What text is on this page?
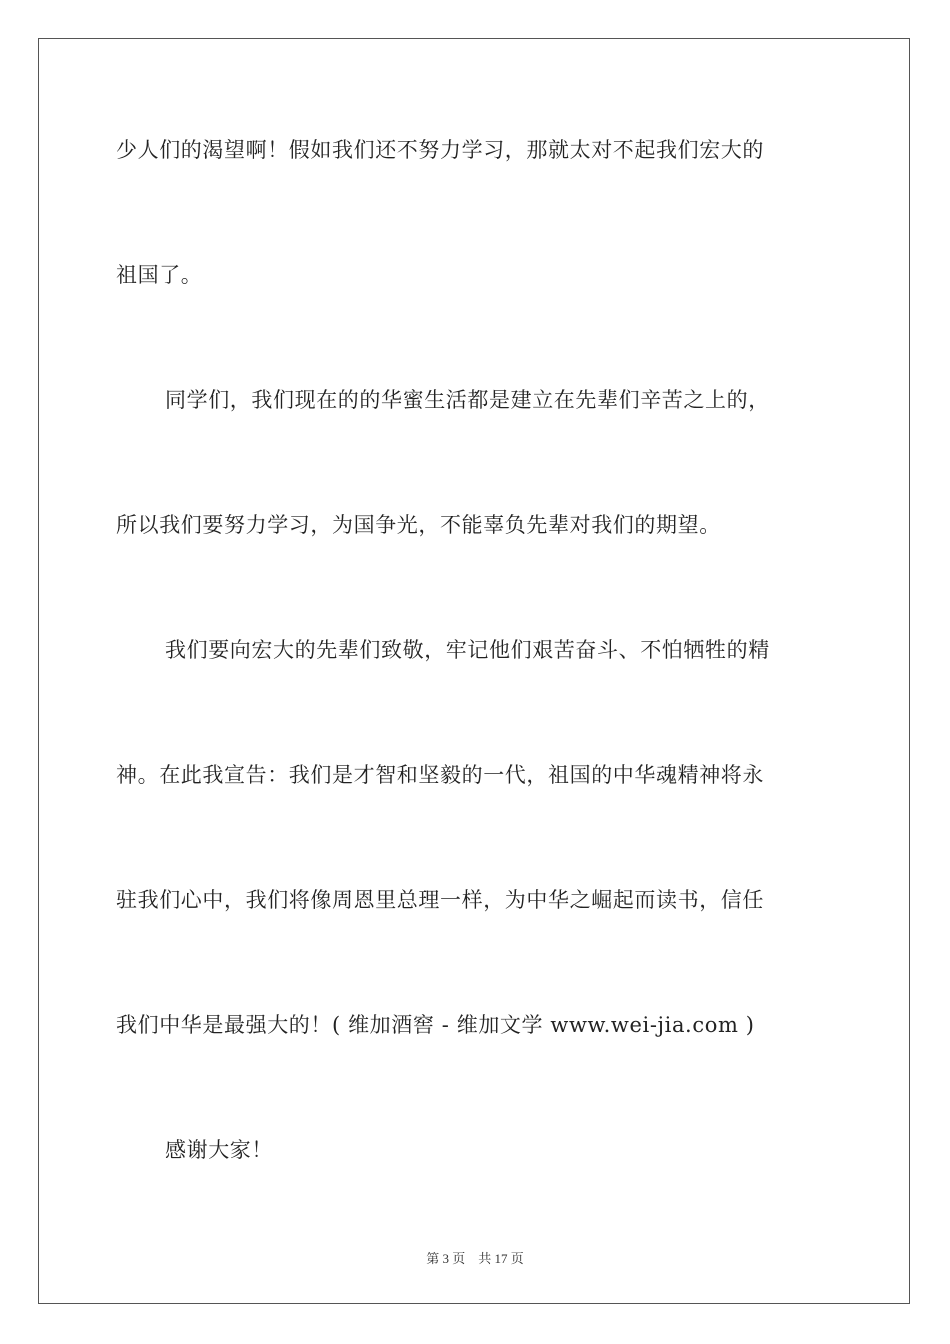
少人们的渴望啊！假如我们还不努力学习，那就太对不起我们宏大的
祖国了。
同学们，我们现在的的华蜜生活都是建立在先辈们辛苦之上的，
所以我们要努力学习，为国争光，不能辜负先辈对我们的期望。
我们要向宏大的先辈们致敬，牢记他们艰苦奋斗、不怕牺牲的精
神。在此我宣告：我们是才智和坚毅的一代，祖国的中华魂精神将永
驻我们心中，我们将像周恩里总理一样，为中华之崛起而读书，信任
我们中华是最强大的！( 维加酒窖 - 维加文学 www.wei-jia.com )
感谢大家！
第 3 页 共 17 页
